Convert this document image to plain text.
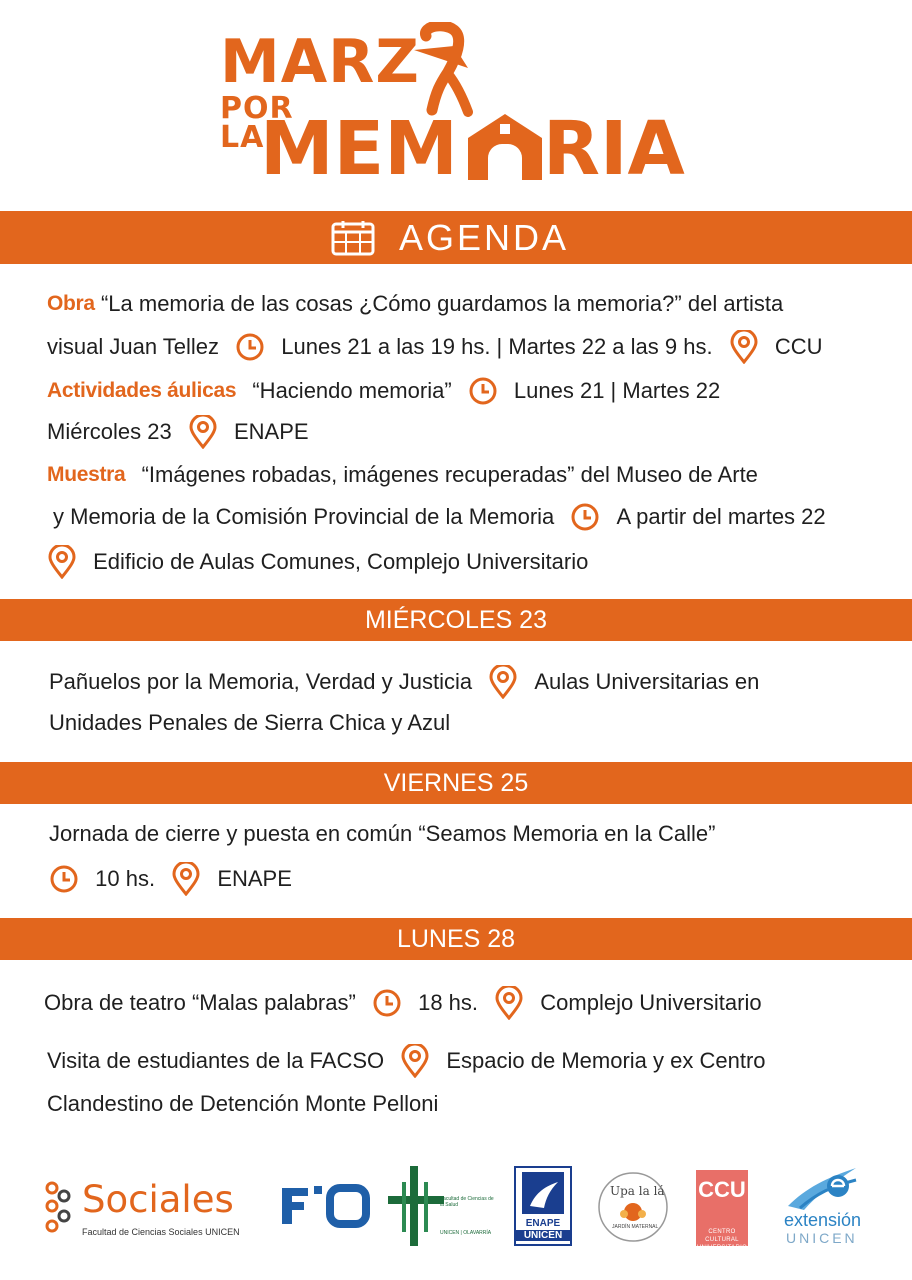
MARZ
POR
LA
MEM RIA
AGENDA
Obra “La memoria de las cosas ¿Cómo guardamos la memoria?” del artista
visual Juan Tellez	Lunes 21 a las 19 hs. | Martes 22 a las 9 hs.	CCU
Actividades áulicas “Haciendo memoria”	Lunes 21 | Martes 22
Miércoles 23	ENAPE
Muestra “Imágenes robadas, imágenes recuperadas” del Museo de Arte
y Memoria de la Comisión Provincial de la Memoria	A partir del martes 22
Edificio de Aulas Comunes, Complejo Universitario
MIÉRCOLES 23
Pañuelos por la Memoria, Verdad y Justicia	Aulas Universitarias en
Unidades Penales de Sierra Chica y Azul
VIERNES 25
Jornada de cierre y puesta en común “Seamos Memoria en la Calle”
10 hs.	ENAPE
LUNES 28
Obra de teatro “Malas palabras”	18 hs.	Complejo Universitario
Visita de estudiantes de la FACSO	Espacio de Memoria y ex Centro
Clandestino de Detención Monte Pelloni
Sociales
Facultad de Ciencias Sociales UNICEN
Facultad de Ciencias de la Salud
UNICEN | OLAVARRÍA
ENAPE
UNICEN
Upa la lá
JARDÍN MATERNAL
CCU
CENTRO CULTURAL UNIVERSITARIO
extensión
UNICEN
